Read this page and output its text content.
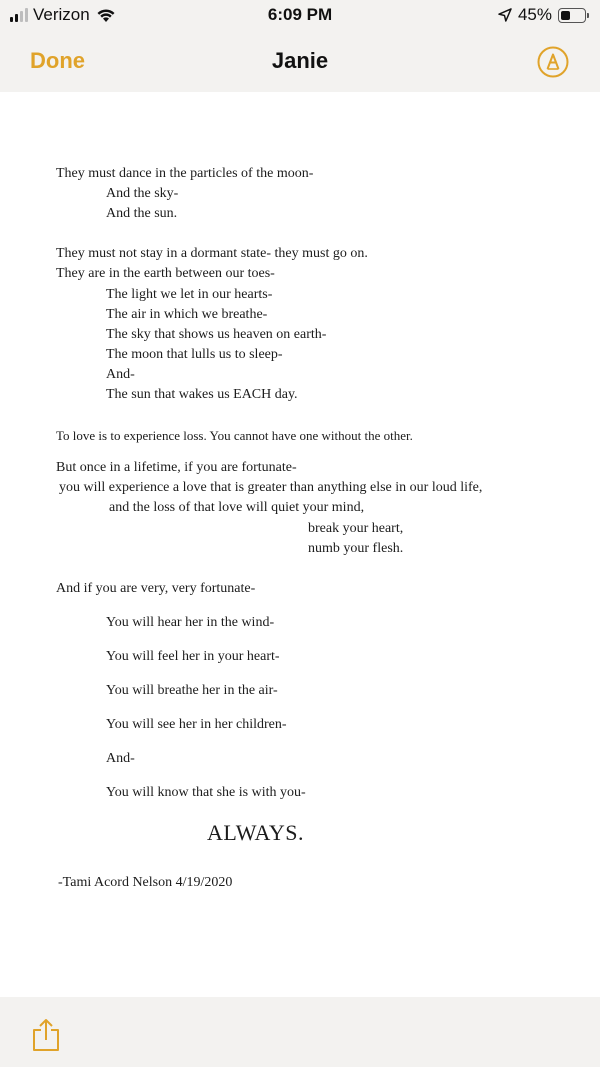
Verizon	6:09 PM	45%
Done	Janie
They must dance in the particles of the moon-
And the sky-
And the sun.
They must not stay in a dormant state- they must go on.
They are in the earth between our toes-
The light we let in our hearts-
The air in which we breathe-
The sky that shows us heaven on earth-
The moon that lulls us to sleep-
And-
The sun that wakes us EACH day.
To love is to experience loss. You cannot have one without the other.
But once in a lifetime, if you are fortunate-
you will experience a love that is greater than anything else in our loud life,
and the loss of that love will quiet your mind,
break your heart,
numb your flesh.
And if you are very, very fortunate-
You will hear her in the wind-
You will feel her in your heart-
You will breathe her in the air-
You will see her in her children-
And-
You will know that she is with you-
ALWAYS.
-Tami Acord Nelson 4/19/2020
